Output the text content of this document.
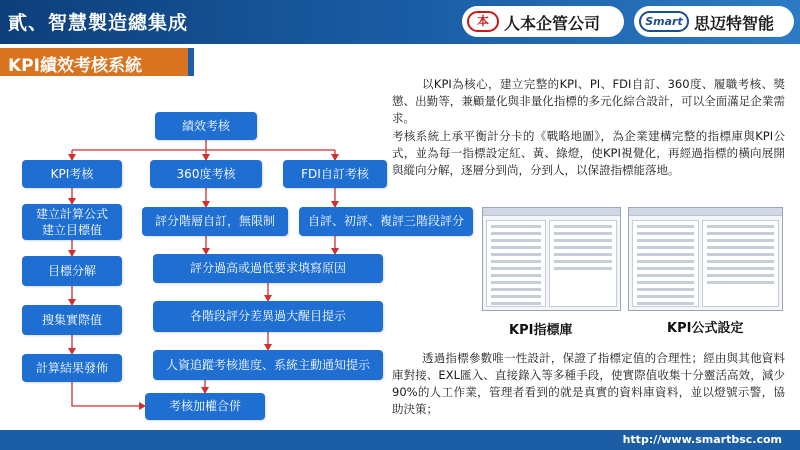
貳、智慧製造總集成	本 人本企管公司	Smart 思迈特智能
KPI績效考核系統
績效考核
KPI考核	360度考核	FDI自訂考核
建立計算公式
建立目標值
評分階層自訂，無限制	自評、初評、複評三階段評分
目標分解	評分過高或過低要求填寫原因
搜集實際值	各階段評分差異過大醒目提示
計算結果發佈	人資追蹤考核進度、系統主動通知提示
考核加權合併
以KPI為核心，建立完整的KPI、PI、FDI自訂、360度、履職考核、獎懲、出勤等，兼顧量化與非量化指標的多元化綜合設計，可以全面滿足企業需求。
考核系統上承平衡計分卡的《戰略地圖》，為企業建構完整的指標庫與KPI公式，並為每一指標設定紅、黃、綠燈，使KPI視覺化，再經過指標的橫向展開與縱向分解，逐層分到尚，分到人，以保證指標能落地。
KPI指標庫	KPI公式設定
透過指標參數唯一性設計，保證了指標定值的合理性；經由與其他資料庫對接、EXL匯入、直接錄入等多種手段，使實際值收集十分靈活高效，減少90%的人工作業，管理者看到的就是真實的資料庫資料，並以燈號示警，協助決策；
http://www.smartbsc.com
